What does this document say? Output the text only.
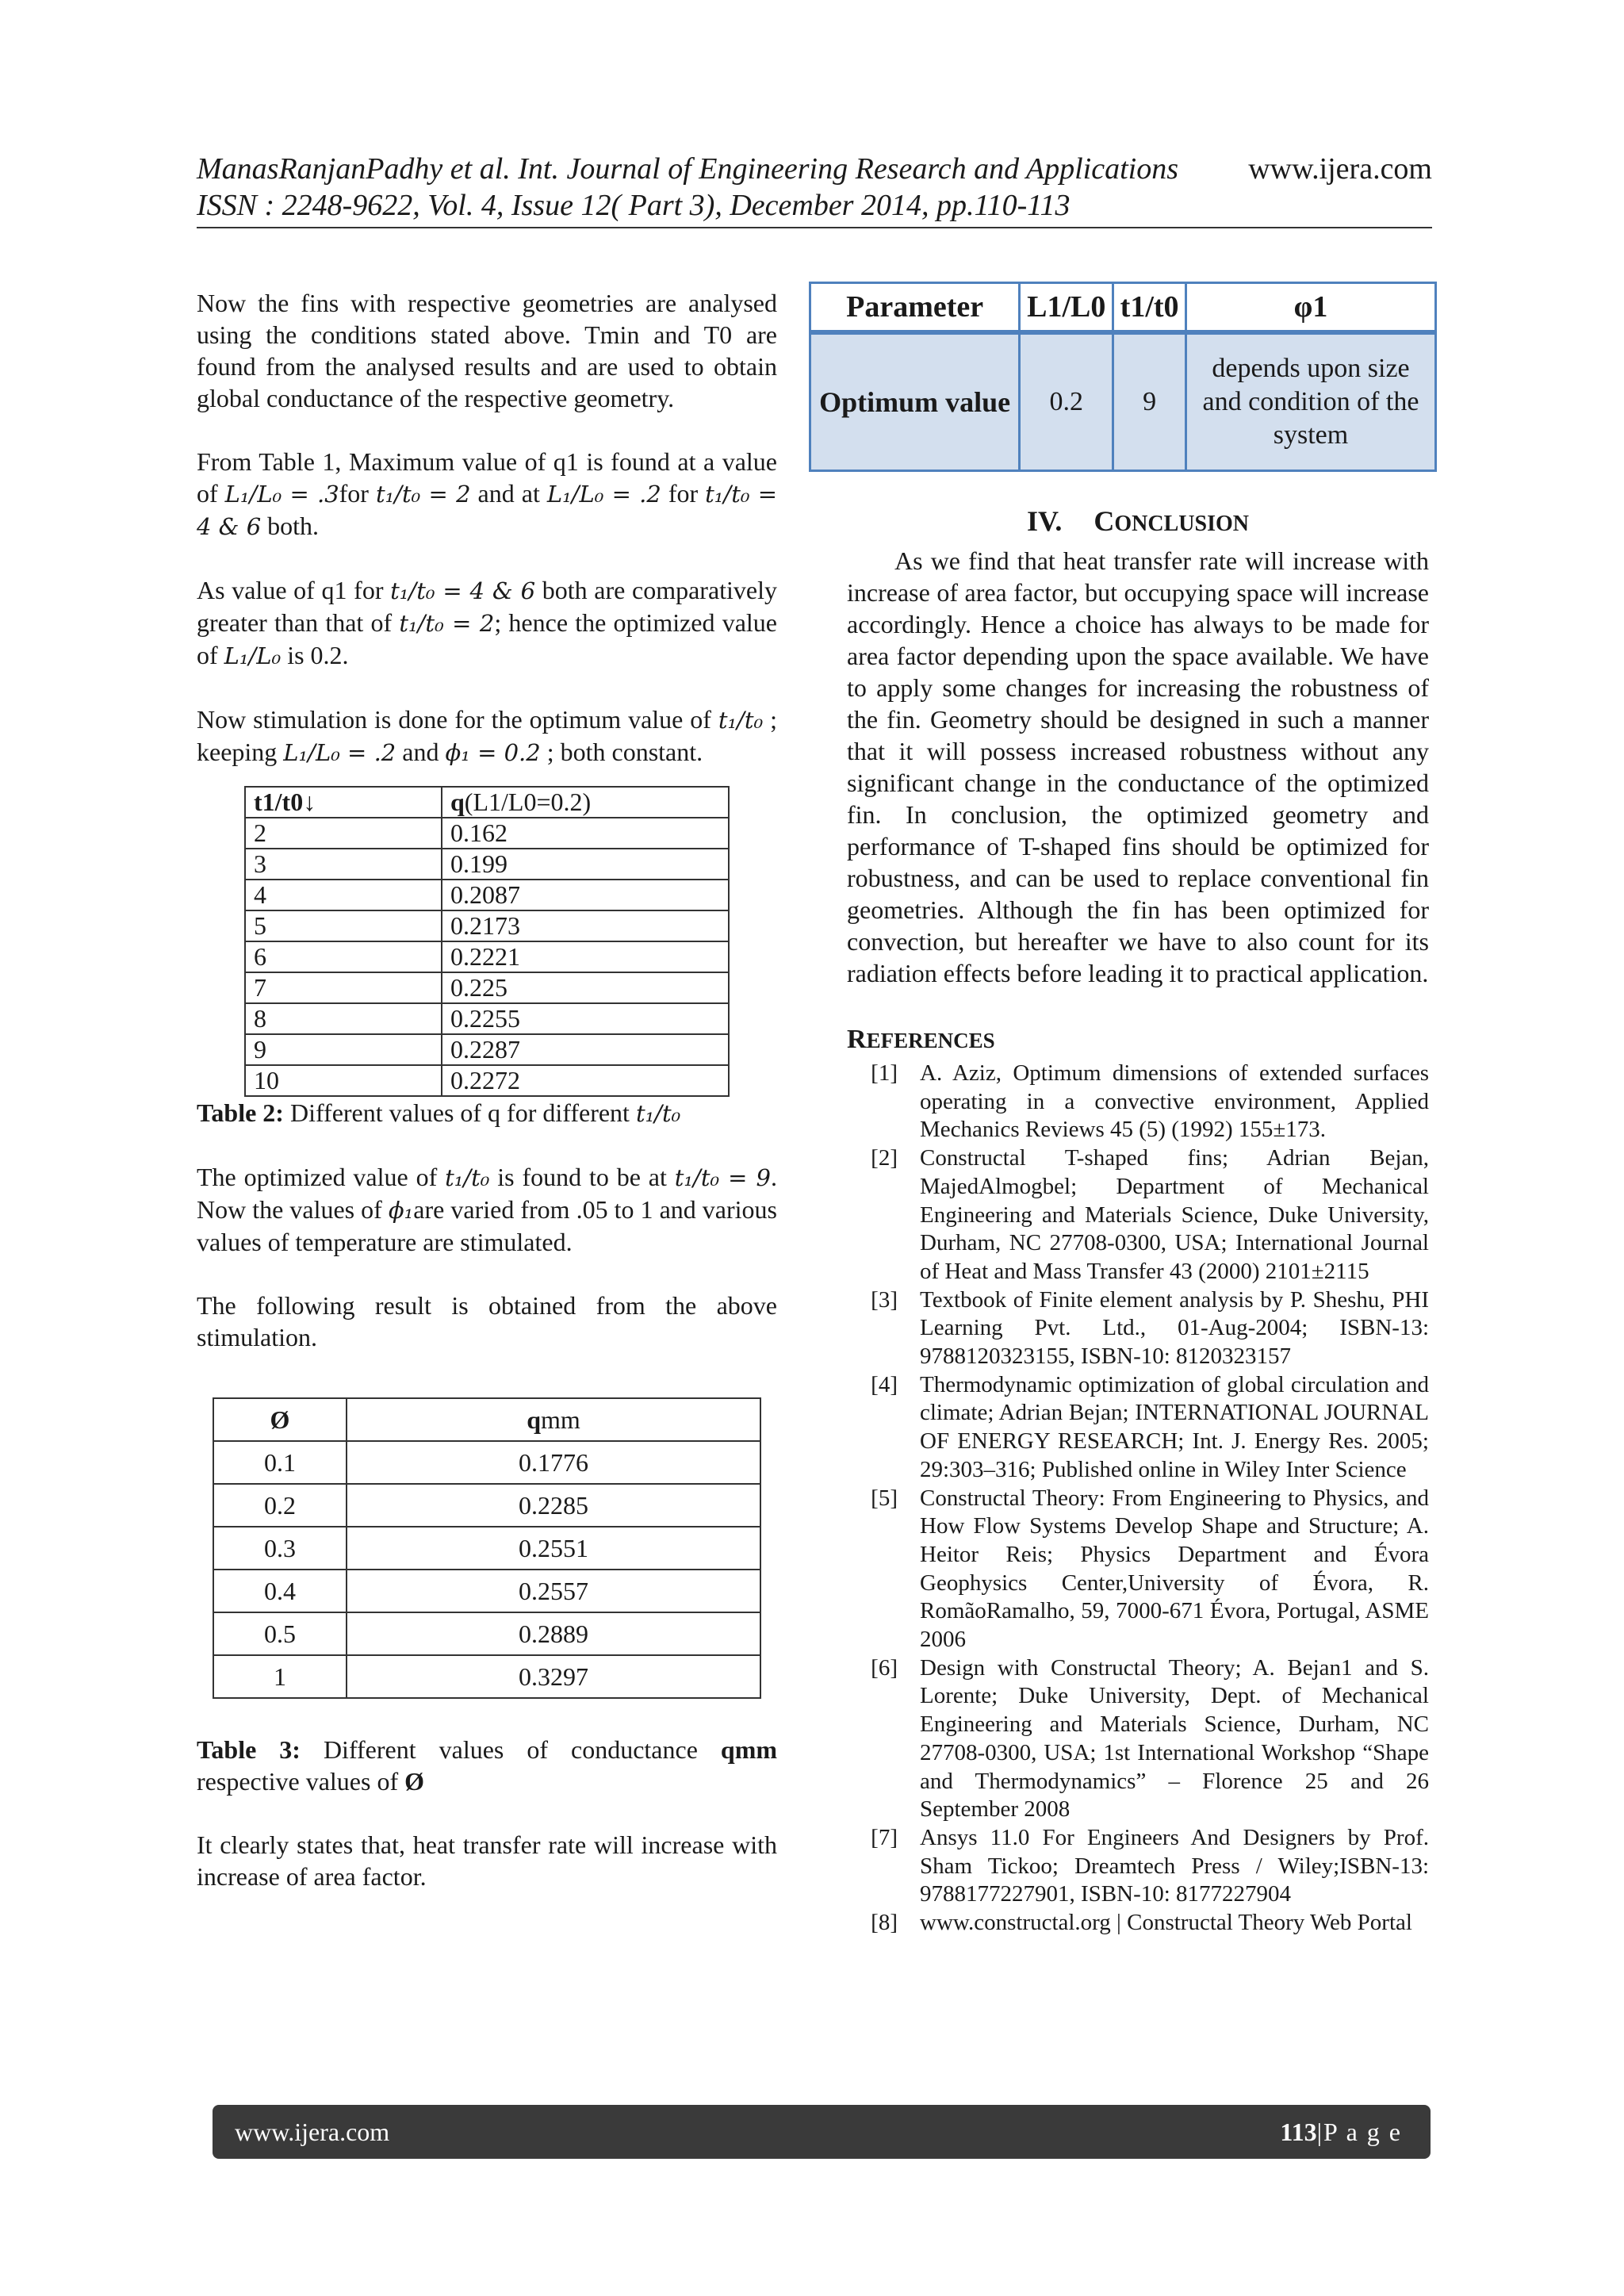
ManasRanjanPadhy et al. Int. Journal of Engineering Research and Applications www.ijera.com
ISSN : 2248-9622, Vol. 4, Issue 12( Part 3), December 2014, pp.110-113

Now the fins with respective geometries are analysed using the conditions stated above. Tmin and T0 are found from the analysed results and are used to obtain global conductance of the respective geometry.

From Table 1, Maximum value of q1 is found at a value of L₁/L₀ = .3for t₁/t₀ = 2 and at L₁/L₀ = .2 for t₁/t₀ = 4 & 6 both.

As value of q1 for t₁/t₀ = 4 & 6 both are comparatively greater than that of t₁/t₀ = 2; hence the optimized value of L₁/L₀ is 0.2.

Now stimulation is done for the optimum value of t₁/t₀ ; keeping L₁/L₀ = .2 and ϕ₁ = 0.2 ; both constant.

t1/t0↓	q(L1/L0=0.2)
2	0.162
3	0.199
4	0.2087
5	0.2173
6	0.2221
7	0.225
8	0.2255
9	0.2287
10	0.2272

Table 2: Different values of q for different t₁/t₀

The optimized value of t₁/t₀ is found to be at t₁/t₀ = 9. Now the values of ϕ₁are varied from .05 to 1 and various values of temperature are stimulated.

The following result is obtained from the above stimulation.

Ø	qmm
0.1	0.1776
0.2	0.2285
0.3	0.2551
0.4	0.2557
0.5	0.2889
1	0.3297

Table 3: Different values of conductance qmm respective values of Ø

It clearly states that, heat transfer rate will increase with increase of area factor.

Parameter	L1/L0	t1/t0	φ1
Optimum value	0.2	9	depends upon size and condition of the system
IV. CONCLUSION

As we find that heat transfer rate will increase with increase of area factor, but occupying space will increase accordingly. Hence a choice has always to be made for area factor depending upon the space available. We have to apply some changes for increasing the robustness of the fin. Geometry should be designed in such a manner that it will possess increased robustness without any significant change in the conductance of the optimized fin. In conclusion, the optimized geometry and performance of T-shaped fins should be optimized for robustness, and can be used to replace conventional fin geometries. Although the fin has been optimized for convection, but hereafter we have to also count for its radiation effects before leading it to practical application.

REFERENCES
[1] A. Aziz, Optimum dimensions of extended surfaces operating in a convective environment, Applied Mechanics Reviews 45 (5) (1992) 155±173.
[2] Constructal T-shaped fins; Adrian Bejan, MajedAlmogbel; Department of Mechanical Engineering and Materials Science, Duke University, Durham, NC 27708-0300, USA; International Journal of Heat and Mass Transfer 43 (2000) 2101±2115
[3] Textbook of Finite element analysis by P. Sheshu, PHI Learning Pvt. Ltd., 01-Aug-2004; ISBN-13: 9788120323155, ISBN-10: 8120323157
[4] Thermodynamic optimization of global circulation and climate; Adrian Bejan; INTERNATIONAL JOURNAL OF ENERGY RESEARCH; Int. J. Energy Res. 2005; 29:303–316; Published online in Wiley Inter Science
[5] Constructal Theory: From Engineering to Physics, and How Flow Systems Develop Shape and Structure; A. Heitor Reis; Physics Department and Évora Geophysics Center,University of Évora, R. RomãoRamalho, 59, 7000-671 Évora, Portugal, ASME 2006
[6] Design with Constructal Theory; A. Bejan1 and S. Lorente; Duke University, Dept. of Mechanical Engineering and Materials Science, Durham, NC 27708-0300, USA; 1st International Workshop “Shape and Thermodynamics” – Florence 25 and 26 September 2008
[7] Ansys 11.0 For Engineers And Designers by Prof. Sham Tickoo; Dreamtech Press / Wiley;ISBN-13: 9788177227901, ISBN-10: 8177227904
[8] www.constructal.org | Constructal Theory Web Portal
www.ijera.com	113|P a g e
